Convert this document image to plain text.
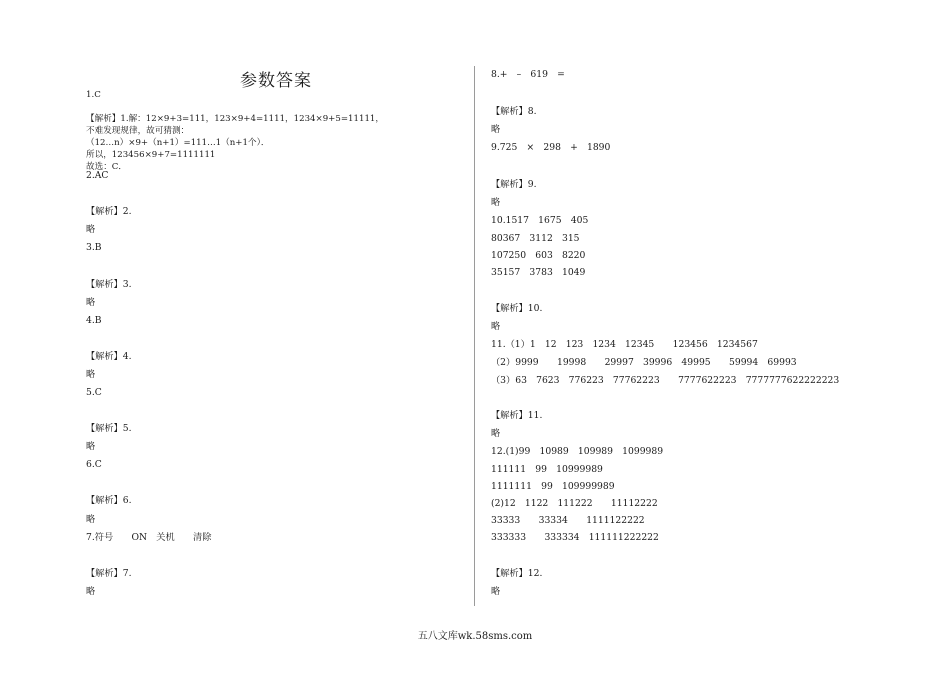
参数答案
1.C
【解析】1.解：12×9+3=111，123×9+4=1111，1234×9+5=11111，
不难发现规律，故可猜测：
（12…n）×9+（n+1）=111…1（n+1个）．
所以，123456×9+7=1111111
故选：C．
2.AC
【解析】2.
略
3.B
【解析】3.
略
4.B
【解析】4.
略
5.C
【解析】5.
略
6.C
【解析】6.
略
7.符号　　ON　关机　　清除
【解析】7.
略
8.+　–　619　=
【解析】8.
略
9.725　×　298　+　1890
【解析】9.
略
10.1517　1675　405
80367　3112　315
107250　603　8220
35157　3783　1049
【解析】10.
略
11.（1）1　12　123　1234　12345　　123456　1234567
（2）9999　　19998　　29997　39996　49995　　59994　69993
（3）63　7623　776223　77762223　　7777622223　7777777622222223
【解析】11.
略
12.(1)99　10989　109989　1099989
111111　99　10999989
1111111　99　109999989
(2)12　1122　111222　　11112222
33333　　33334　　1111122222
333333　　333334　111111222222
【解析】12.
略
五八文库wk.58sms.com
